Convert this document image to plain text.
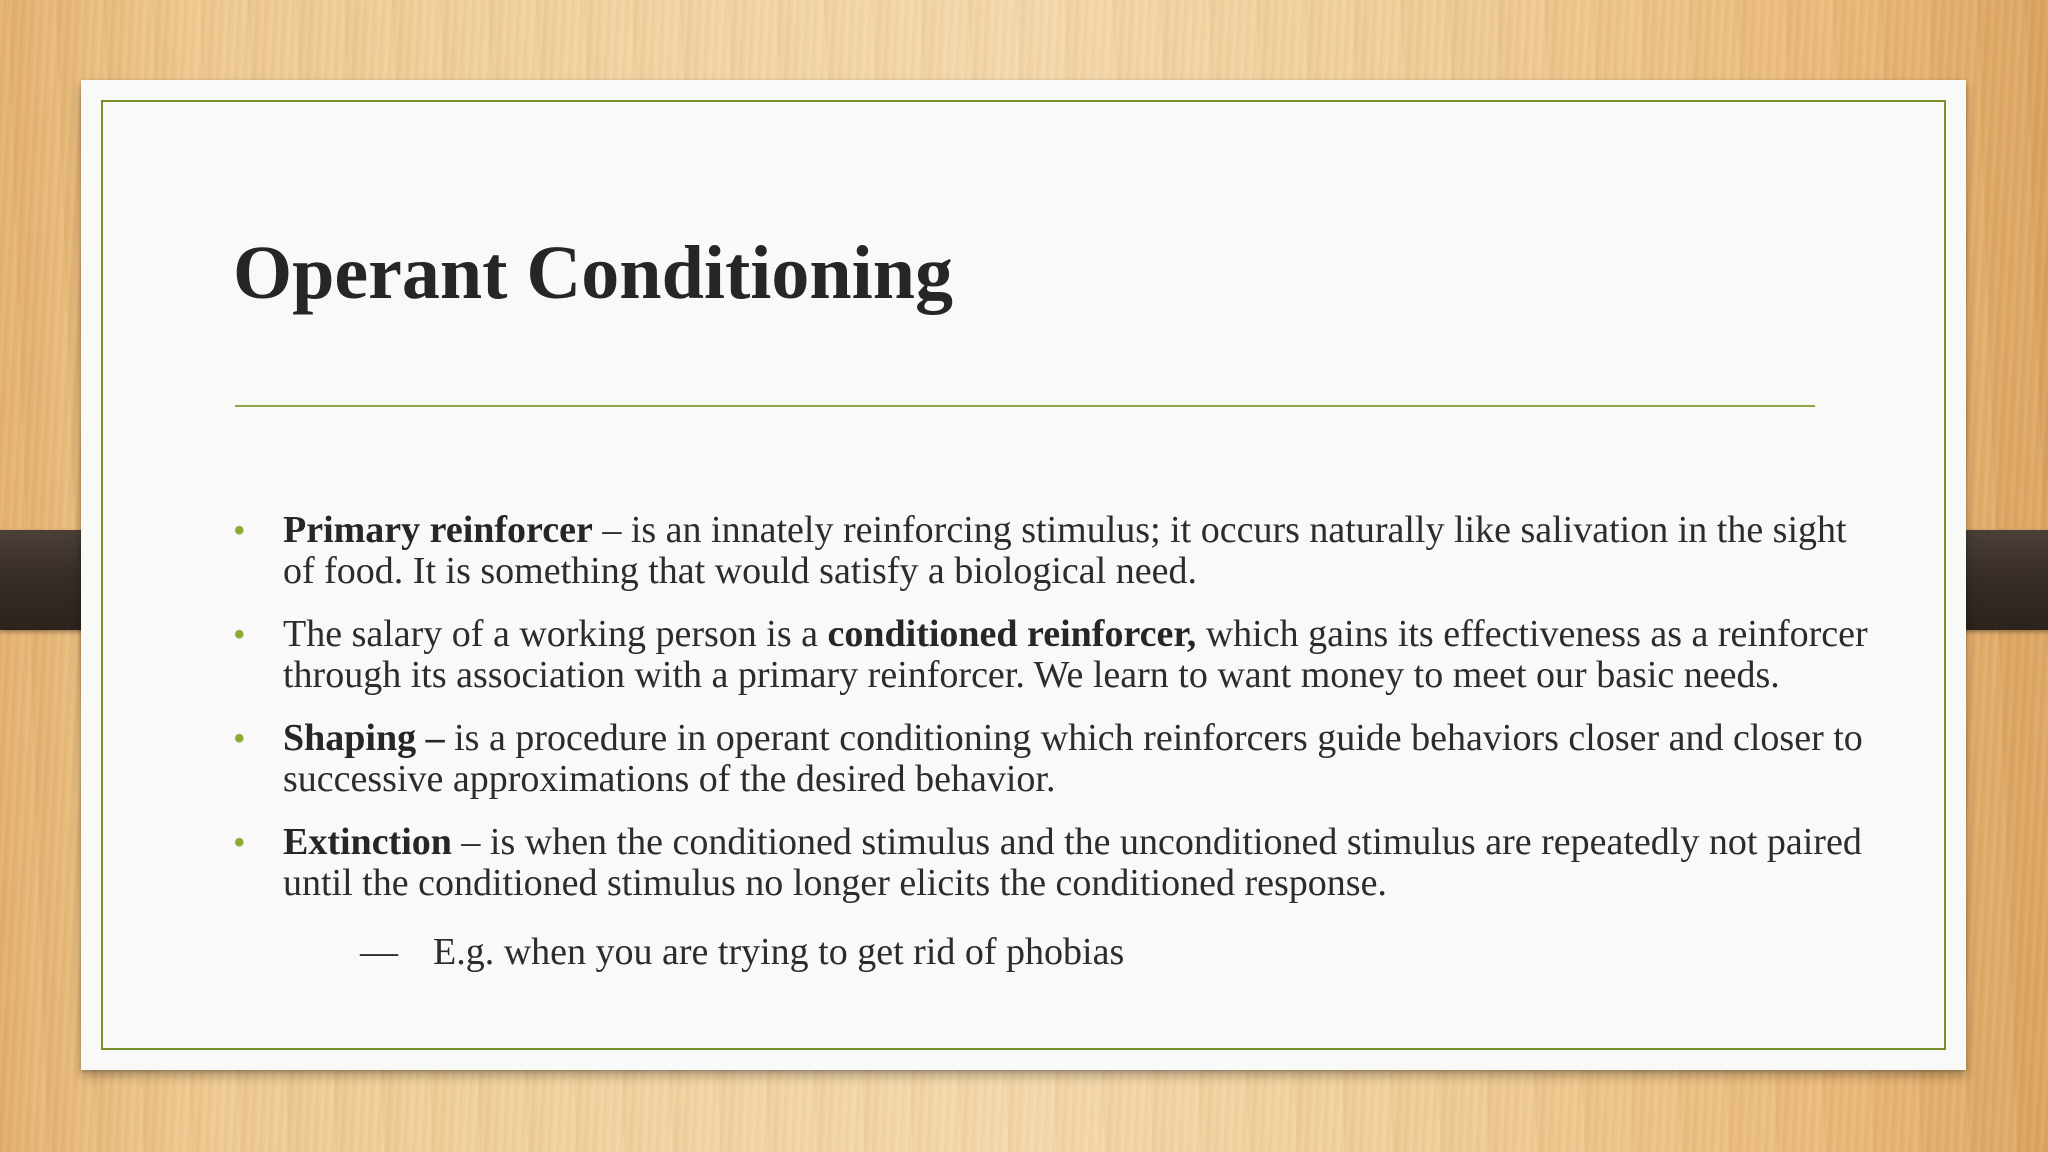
Operant Conditioning
• Primary reinforcer – is an innately reinforcing stimulus; it occurs naturally like salivation in the sight of food. It is something that would satisfy a biological need.
• The salary of a working person is a conditioned reinforcer, which gains its effectiveness as a reinforcer through its association with a primary reinforcer. We learn to want money to meet our basic needs.
• Shaping – is a procedure in operant conditioning which reinforcers guide behaviors closer and closer to successive approximations of the desired behavior.
• Extinction – is when the conditioned stimulus and the unconditioned stimulus are repeatedly not paired until the conditioned stimulus no longer elicits the conditioned response.
— E.g. when you are trying to get rid of phobias
